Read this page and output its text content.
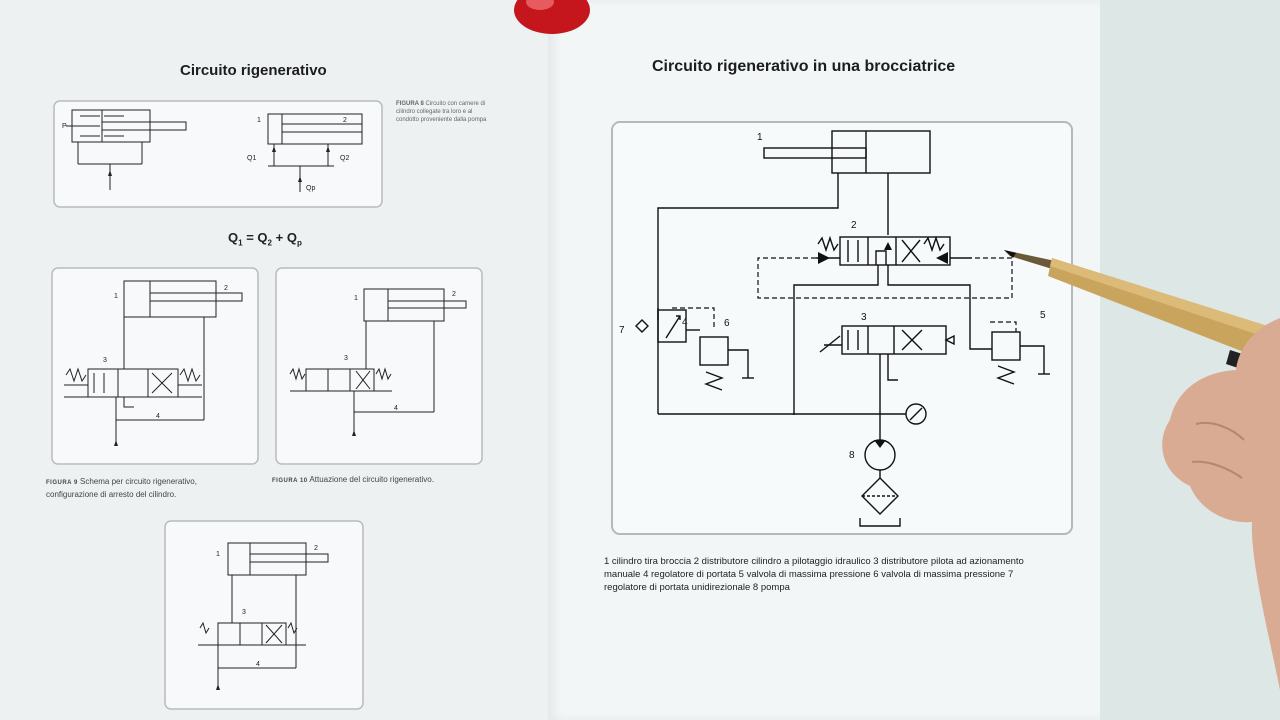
P
1	2
Q1	Q2
Qp
1
2
3
4
1
2
3
4
1
2
3
4
1
2
3
4
5
6
7
8
Circuito rigenerativo	Circuito rigenerativo in una brocciatrice
$Q_1 = Q_2 + Q_p$
FIGURA 8 Circuito con camere di cilindro collegate tra loro e al condotto proveniente dalla pompa
FIGURA 9 Schema per circuito rigenerativo, configurazione di arresto del cilindro.
FIGURA 10 Attuazione del circuito rigenerativo.
1 cilindro tira broccia 2 distributore cilindro a pilotaggio idraulico 3 distributore pilota ad azionamento manuale 4 regolatore di portata 5 valvola di massima pressione 6 valvola di massima pressione 7 regolatore di portata unidirezionale 8 pompa
